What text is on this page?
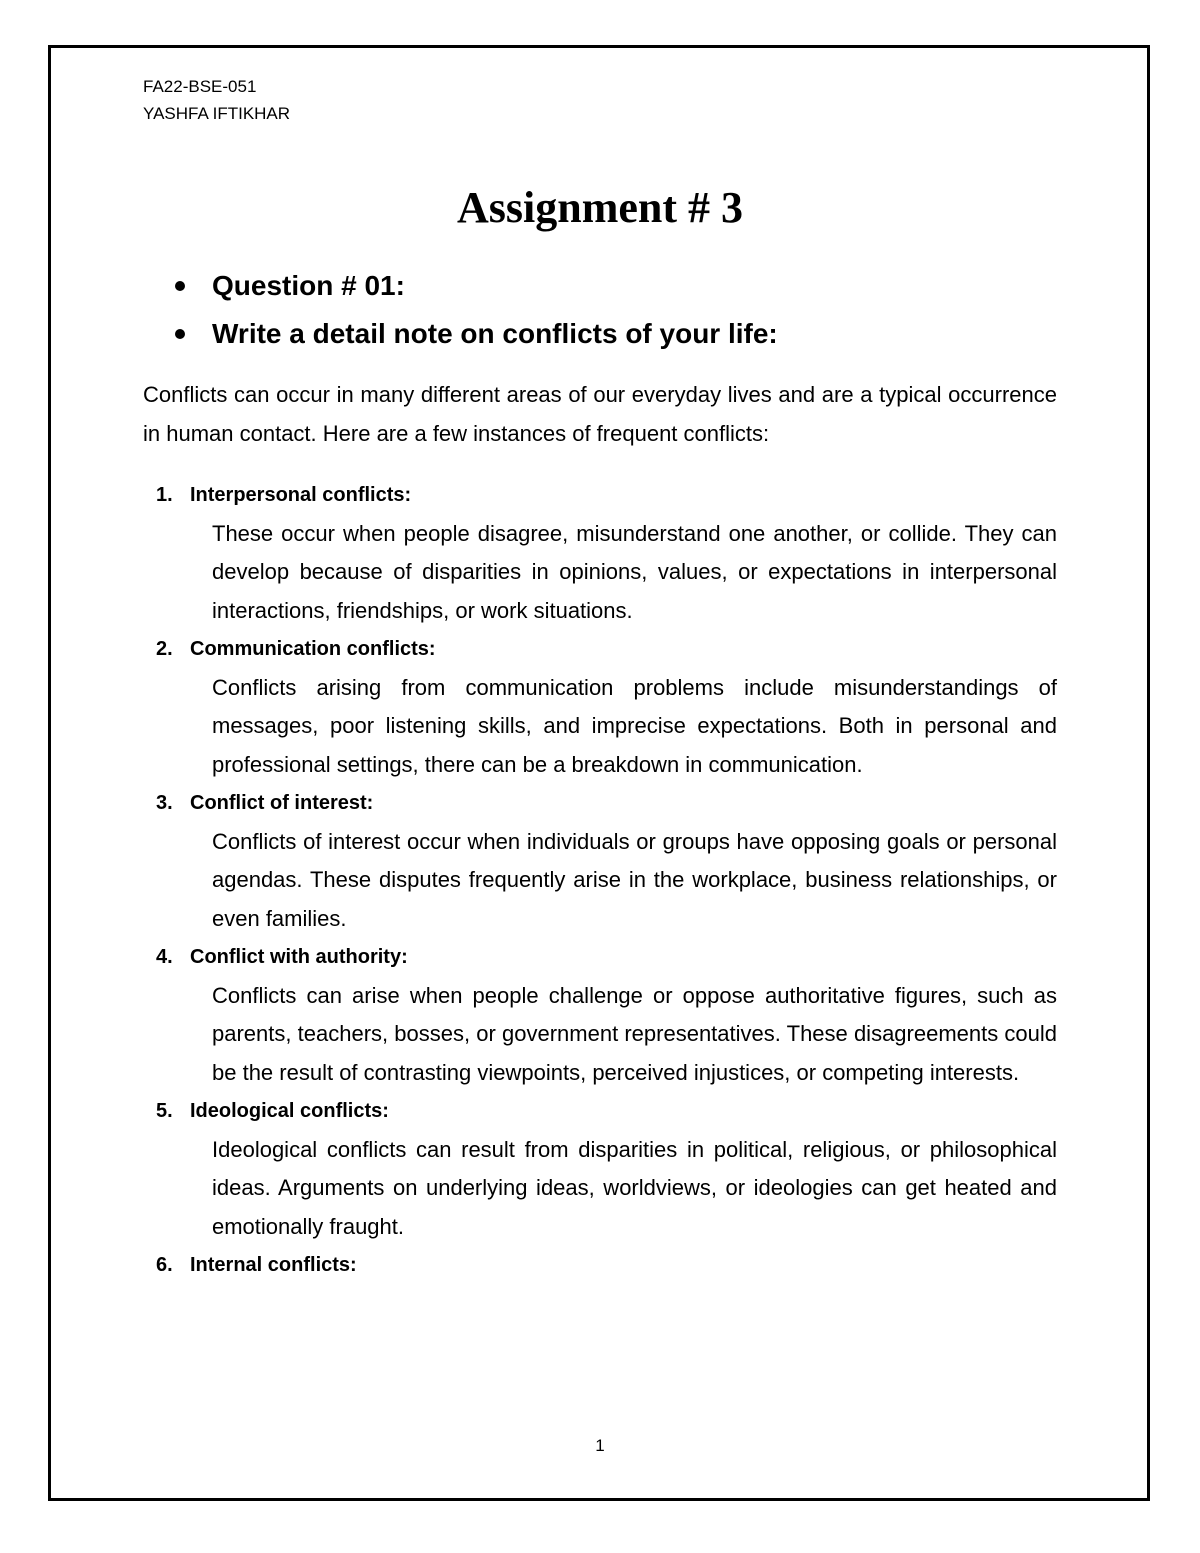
FA22-BSE-051
YASHFA IFTIKHAR
Assignment # 3
Question # 01:
Write a detail note on conflicts of your life:

Conflicts can occur in many different areas of our everyday lives and are a typical occurrence in human contact. Here are a few instances of frequent conflicts:

1. Interpersonal conflicts:

These occur when people disagree, misunderstand one another, or collide. They can develop because of disparities in opinions, values, or expectations in interpersonal interactions, friendships, or work situations.

2. Communication conflicts:

Conflicts arising from communication problems include misunderstandings of messages, poor listening skills, and imprecise expectations. Both in personal and professional settings, there can be a breakdown in communication.

3. Conflict of interest:

Conflicts of interest occur when individuals or groups have opposing goals or personal agendas. These disputes frequently arise in the workplace, business relationships, or even families.

4. Conflict with authority:

Conflicts can arise when people challenge or oppose authoritative figures, such as parents, teachers, bosses, or government representatives. These disagreements could be the result of contrasting viewpoints, perceived injustices, or competing interests.

5. Ideological conflicts:

Ideological conflicts can result from disparities in political, religious, or philosophical ideas. Arguments on underlying ideas, worldviews, or ideologies can get heated and emotionally fraught.

6. Internal conflicts:
1
